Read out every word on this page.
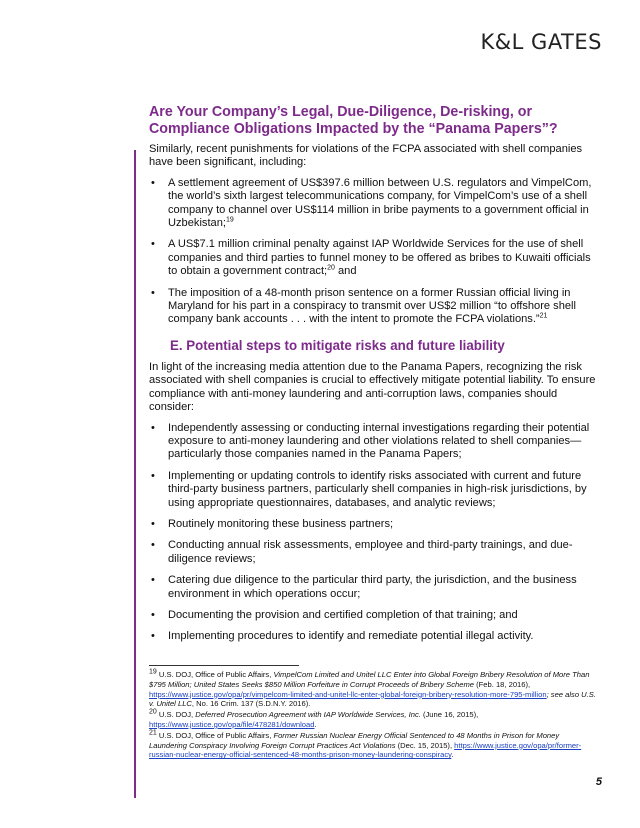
K&L GATES
Are Your Company’s Legal, Due-Diligence, De-risking, or Compliance Obligations Impacted by the “Panama Papers”?

Similarly, recent punishments for violations of the FCPA associated with shell companies have been significant, including:

• A settlement agreement of US$397.6 million between U.S. regulators and VimpelCom, the world’s sixth largest telecommunications company, for VimpelCom’s use of a shell company to channel over US$114 million in bribe payments to a government official in Uzbekistan;$^{19}$
• A US$7.1 million criminal penalty against IAP Worldwide Services for the use of shell companies and third parties to funnel money to be offered as bribes to Kuwaiti officials to obtain a government contract;$^{20}$ and
• The imposition of a 48-month prison sentence on a former Russian official living in Maryland for his part in a conspiracy to transmit over US$2 million “to offshore shell company bank accounts . . . with the intent to promote the FCPA violations.”$^{21}$
E. Potential steps to mitigate risks and future liability

In light of the increasing media attention due to the Panama Papers, recognizing the risk associated with shell companies is crucial to effectively mitigate potential liability. To ensure compliance with anti-money laundering and anti-corruption laws, companies should consider:

• Independently assessing or conducting internal investigations regarding their potential exposure to anti-money laundering and other violations related to shell companies—particularly those companies named in the Panama Papers;
• Implementing or updating controls to identify risks associated with current and future third-party business partners, particularly shell companies in high-risk jurisdictions, by using appropriate questionnaires, databases, and analytic reviews;
• Routinely monitoring these business partners;
• Conducting annual risk assessments, employee and third-party trainings, and due-diligence reviews;
• Catering due diligence to the particular third party, the jurisdiction, and the business environment in which operations occur;
• Documenting the provision and certified completion of that training; and
• Implementing procedures to identify and remediate potential illegal activity.

$^{19}$ U.S. DOJ, Office of Public Affairs, VimpelCom Limited and Unitel LLC Enter into Global Foreign Bribery Resolution of More Than $795 Million; United States Seeks $850 Million Forfeiture in Corrupt Proceeds of Bribery Scheme (Feb. 18, 2016), https://www.justice.gov/opa/pr/vimpelcom-limited-and-unitel-llc-enter-global-foreign-bribery-resolution-more-795-million; see also U.S. v. Unitel LLC, No. 16 Crim. 137 (S.D.N.Y. 2016).

$^{20}$ U.S. DOJ, Deferred Prosecution Agreement with IAP Worldwide Services, Inc. (June 16, 2015), https://www.justice.gov/opa/file/478281/download.

$^{21}$ U.S. DOJ, Office of Public Affairs, Former Russian Nuclear Energy Official Sentenced to 48 Months in Prison for Money Laundering Conspiracy Involving Foreign Corrupt Practices Act Violations (Dec. 15, 2015), https://www.justice.gov/opa/pr/former-russian-nuclear-energy-official-sentenced-48-months-prison-money-laundering-conspiracy.

5
